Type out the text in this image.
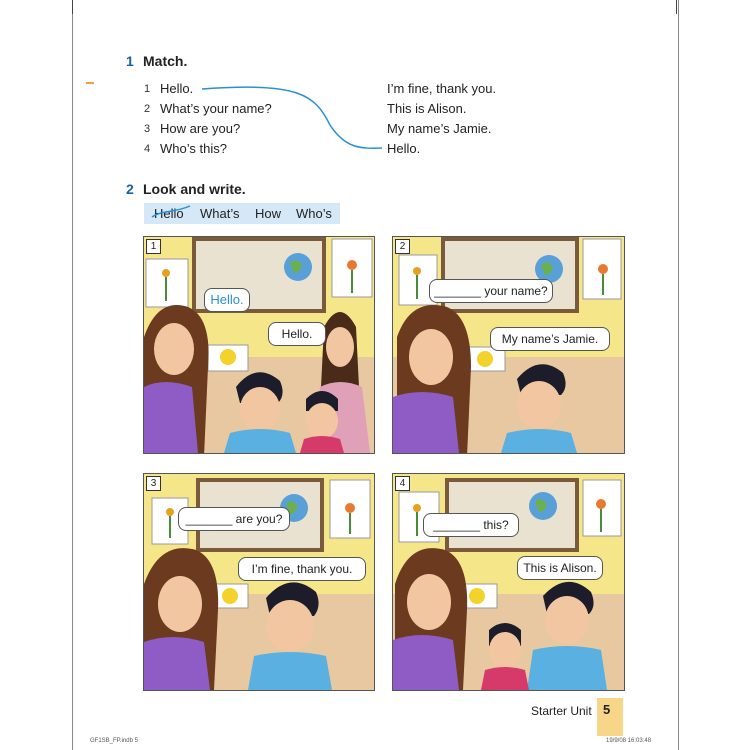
1 Match.
1 Hello.
2 What’s your name?
3 How are you?
4 Who’s this?
I’m fine, thank you.
This is Alison.
My name’s Jamie.
Hello.
2 Look and write.
Hello What’s How Who’s
1
Hello.
Hello.
2
_______ your name?
My name’s Jamie.
3
_______ are you?
I’m fine, thank you.
4
_______ this?
This is Alison.
Starter Unit 5
GF1SB_FP.indb 5	19/9/08 16:03:48
